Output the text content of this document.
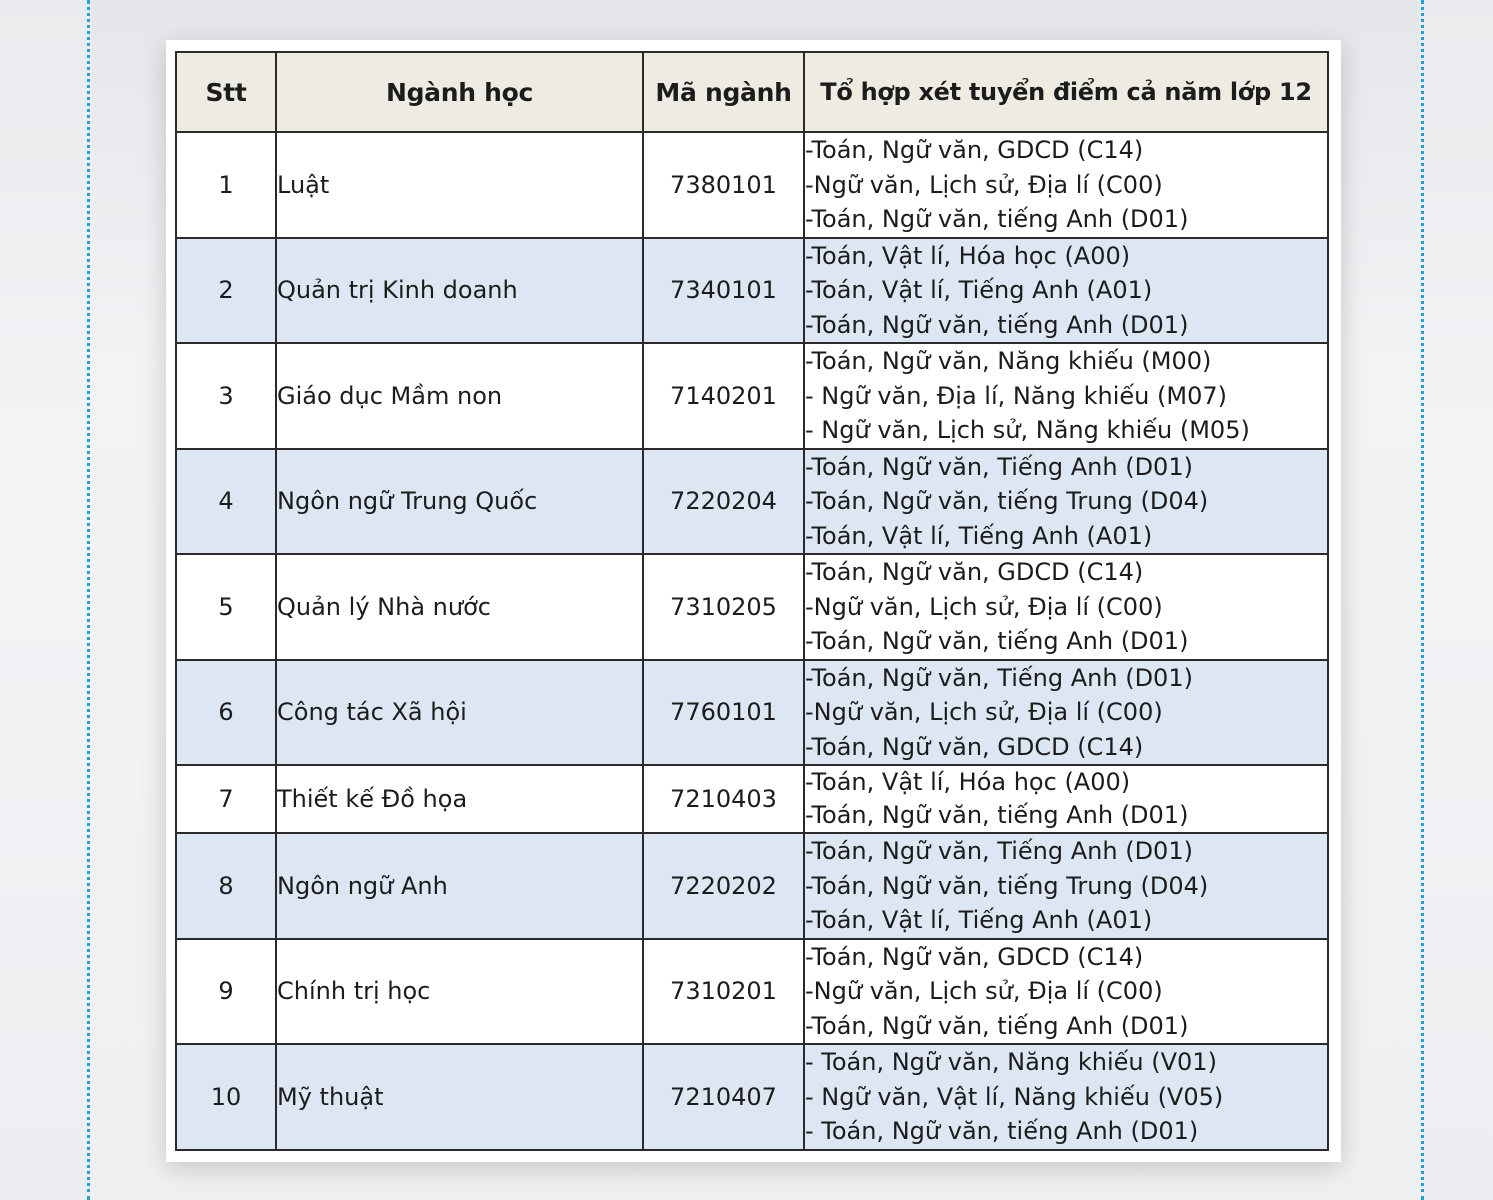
Stt	Ngành học	Mã ngành	Tổ hợp xét tuyển điểm cả năm lớp 12
1	Luật	7380101	-Toán, Ngữ văn, GDCD (C14)
-Ngữ văn, Lịch sử, Địa lí (C00)
-Toán, Ngữ văn, tiếng Anh (D01)

2	Quản trị Kinh doanh	7340101	-Toán, Vật lí, Hóa học (A00)
-Toán, Vật lí, Tiếng Anh (A01)
-Toán, Ngữ văn, tiếng Anh (D01)

3	Giáo dục Mầm non	7140201	-Toán, Ngữ văn, Năng khiếu (M00)
- Ngữ văn, Địa lí, Năng khiếu (M07)
- Ngữ văn, Lịch sử, Năng khiếu (M05)

4	Ngôn ngữ Trung Quốc	7220204	-Toán, Ngữ văn, Tiếng Anh (D01)
-Toán, Ngữ văn, tiếng Trung (D04)
-Toán, Vật lí, Tiếng Anh (A01)

5	Quản lý Nhà nước	7310205	-Toán, Ngữ văn, GDCD (C14)
-Ngữ văn, Lịch sử, Địa lí (C00)
-Toán, Ngữ văn, tiếng Anh (D01)

6	Công tác Xã hội	7760101	-Toán, Ngữ văn, Tiếng Anh (D01)
-Ngữ văn, Lịch sử, Địa lí (C00)
-Toán, Ngữ văn, GDCD (C14)

7	Thiết kế Đồ họa	7210403	-Toán, Vật lí, Hóa học (A00)
-Toán, Ngữ văn, tiếng Anh (D01)

8	Ngôn ngữ Anh	7220202	-Toán, Ngữ văn, Tiếng Anh (D01)
-Toán, Ngữ văn, tiếng Trung (D04)
-Toán, Vật lí, Tiếng Anh (A01)

9	Chính trị học	7310201	-Toán, Ngữ văn, GDCD (C14)
-Ngữ văn, Lịch sử, Địa lí (C00)
-Toán, Ngữ văn, tiếng Anh (D01)

10	Mỹ thuật	7210407	- Toán, Ngữ văn, Năng khiếu (V01)
- Ngữ văn, Vật lí, Năng khiếu (V05)
- Toán, Ngữ văn, tiếng Anh (D01)
